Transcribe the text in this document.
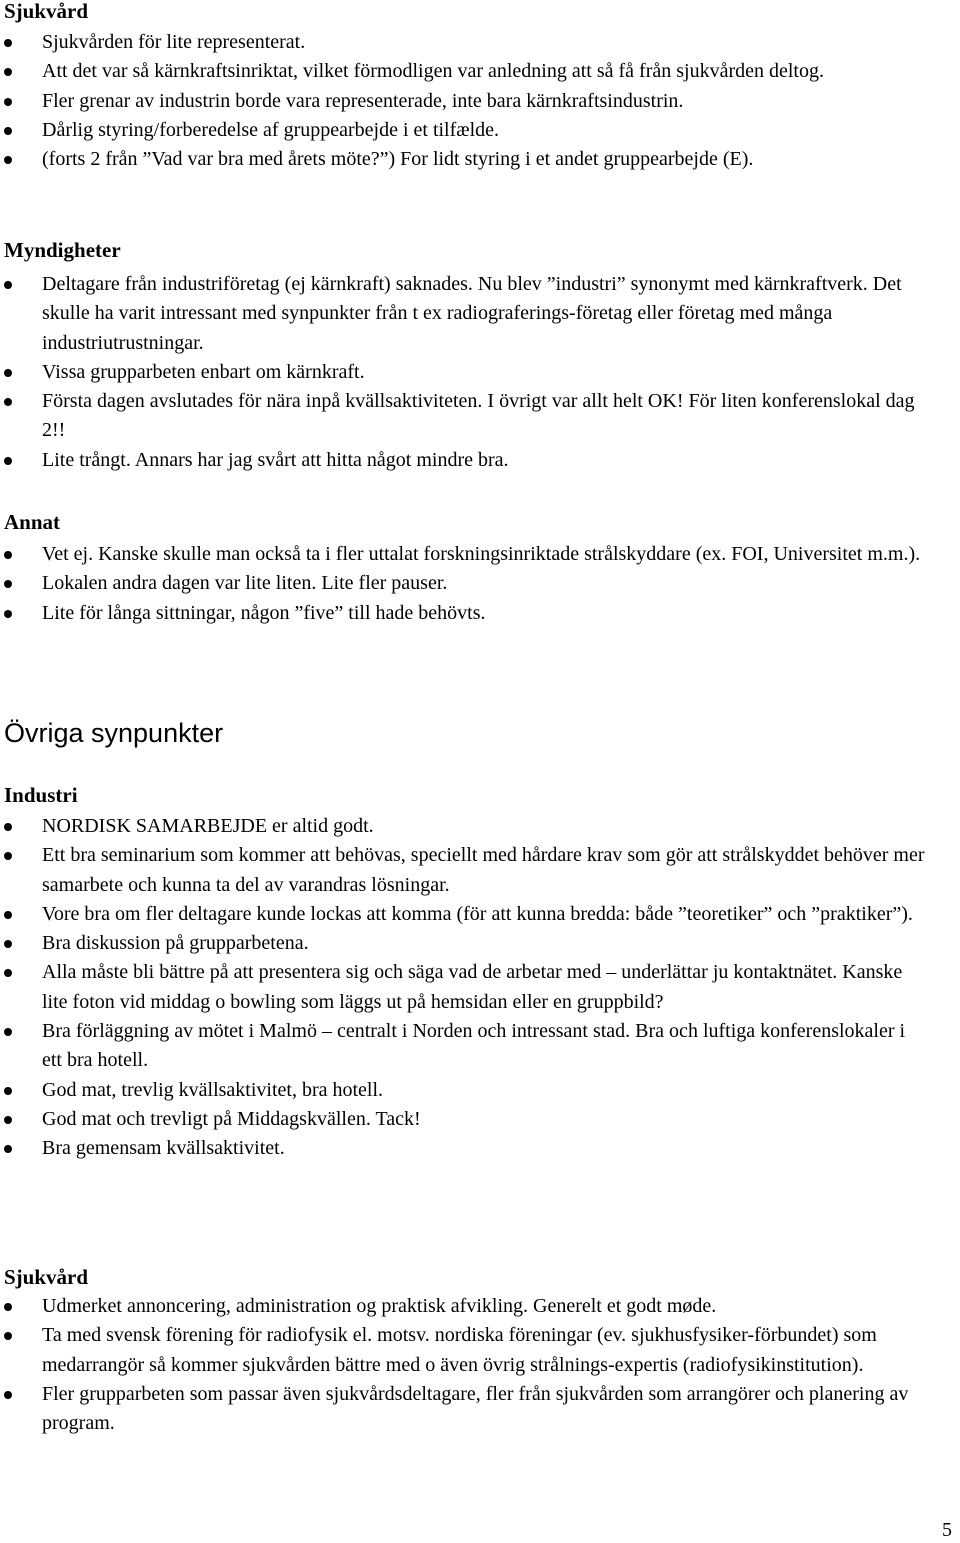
Sjukvård
Sjukvården för lite representerat.
Att det var så kärnkraftsinriktat, vilket förmodligen var anledning att så få från sjukvården deltog.
Fler grenar av industrin borde vara representerade, inte bara kärnkraftsindustrin.
Dårlig styring/forberedelse af gruppearbejde i et tilfælde.
(forts 2 från ”Vad var bra med årets möte?”) For lidt styring i et andet gruppearbejde (E).
Myndigheter
Deltagare från industriföretag (ej kärnkraft) saknades. Nu blev ”industri” synonymt med kärnkraftverk. Det skulle ha varit intressant med synpunkter från t ex radiograferings-företag eller företag med många industriutrustningar.
Vissa grupparbeten enbart om kärnkraft.
Första dagen avslutades för nära inpå kvällsaktiviteten. I övrigt var allt helt OK! För liten konferenslokal dag 2!!
Lite trångt. Annars har jag svårt att hitta något mindre bra.
Annat
Vet ej. Kanske skulle man också ta i fler uttalat forskningsinriktade strålskyddare (ex. FOI, Universitet m.m.).
Lokalen andra dagen var lite liten. Lite fler pauser.
Lite för långa sittningar, någon ”five” till hade behövts.
Övriga synpunkter
Industri
NORDISK SAMARBEJDE er altid godt.
Ett bra seminarium som kommer att behövas, speciellt med hårdare krav som gör att strålskyddet behöver mer samarbete och kunna ta del av varandras lösningar.
Vore bra om fler deltagare kunde lockas att komma (för att kunna bredda: både ”teoretiker” och ”praktiker”).
Bra diskussion på grupparbetena.
Alla måste bli bättre på att presentera sig och säga vad de arbetar med – underlättar ju kontaktnätet. Kanske lite foton vid middag o bowling som läggs ut på hemsidan eller en gruppbild?
Bra förläggning av mötet i Malmö – centralt i Norden och intressant stad. Bra och luftiga konferenslokaler i ett bra hotell.
God mat, trevlig kvällsaktivitet, bra hotell.
God mat och trevligt på Middagskvällen. Tack!
Bra gemensam kvällsaktivitet.
Sjukvård
Udmerket annoncering, administration og praktisk afvikling. Generelt et godt møde.
Ta med svensk förening för radiofysik el. motsv. nordiska föreningar (ev. sjukhusfysiker-förbundet) som medarrangör så kommer sjukvården bättre med o även övrig strålnings-expertis (radiofysikinstitution).
Fler grupparbeten som passar även sjukvårdsdeltagare, fler från sjukvården som arrangörer och planering av program.
5
